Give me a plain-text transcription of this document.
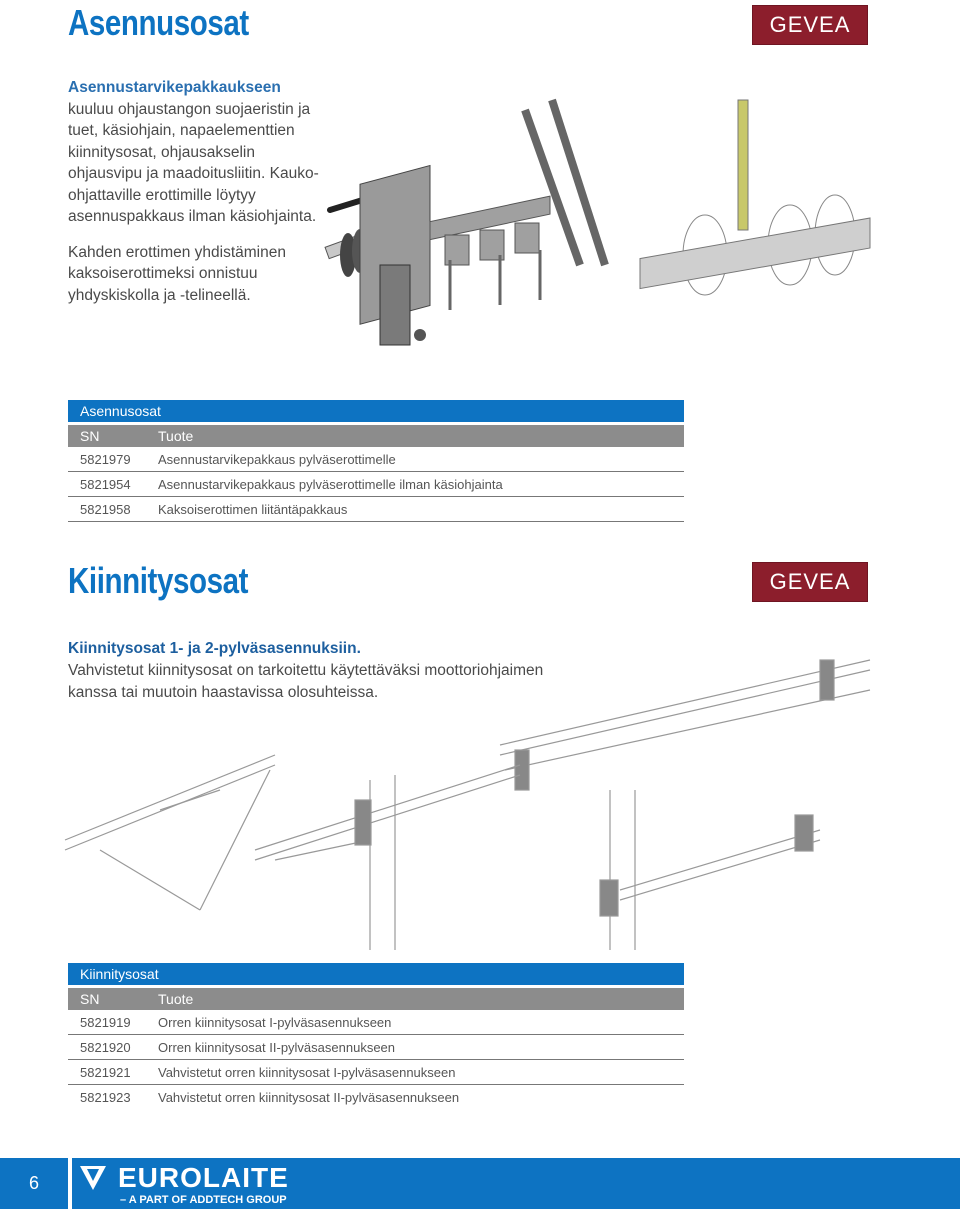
Asennusosat	GEVEA

Asennustarvikepakkaukseen kuuluu ohjaustangon suojaeristin ja tuet, käsiohjain, napaelementtien kiinnitysosat, ohjausakselin ohjausvipu ja maadoitusliitin. Kauko-ohjattaville erottimille löytyy asennuspakkaus ilman käsiohjainta.

Kahden erottimen yhdistäminen kaksoiserottimeksi onnistuu yhdyskiskolla ja -telineellä.

Asennusosat
SN	Tuote
5821979	Asennustarvikepakkaus pylväserottimelle
5821954	Asennustarvikepakkaus pylväserottimelle ilman käsiohjainta
5821958	Kaksoiserottimen liitäntäpakkaus
Kiinnitysosat	GEVEA
Kiinnitysosat 1- ja 2-pylväsasennuksiin.
Vahvistetut kiinnitysosat on tarkoitettu käytettäväksi moottoriohjaimen kanssa tai muutoin haastavissa olosuhteissa.
Kiinnitysosat
SN	Tuote
5821919	Orren kiinnitysosat I-pylväsasennukseen
5821920	Orren kiinnitysosat II-pylväsasennukseen
5821921	Vahvistetut orren kiinnitysosat I-pylväsasennukseen
5821923	Vahvistetut orren kiinnitysosat II-pylväsasennukseen
6	EUROLAITE
– A PART OF ADDTECH GROUP
